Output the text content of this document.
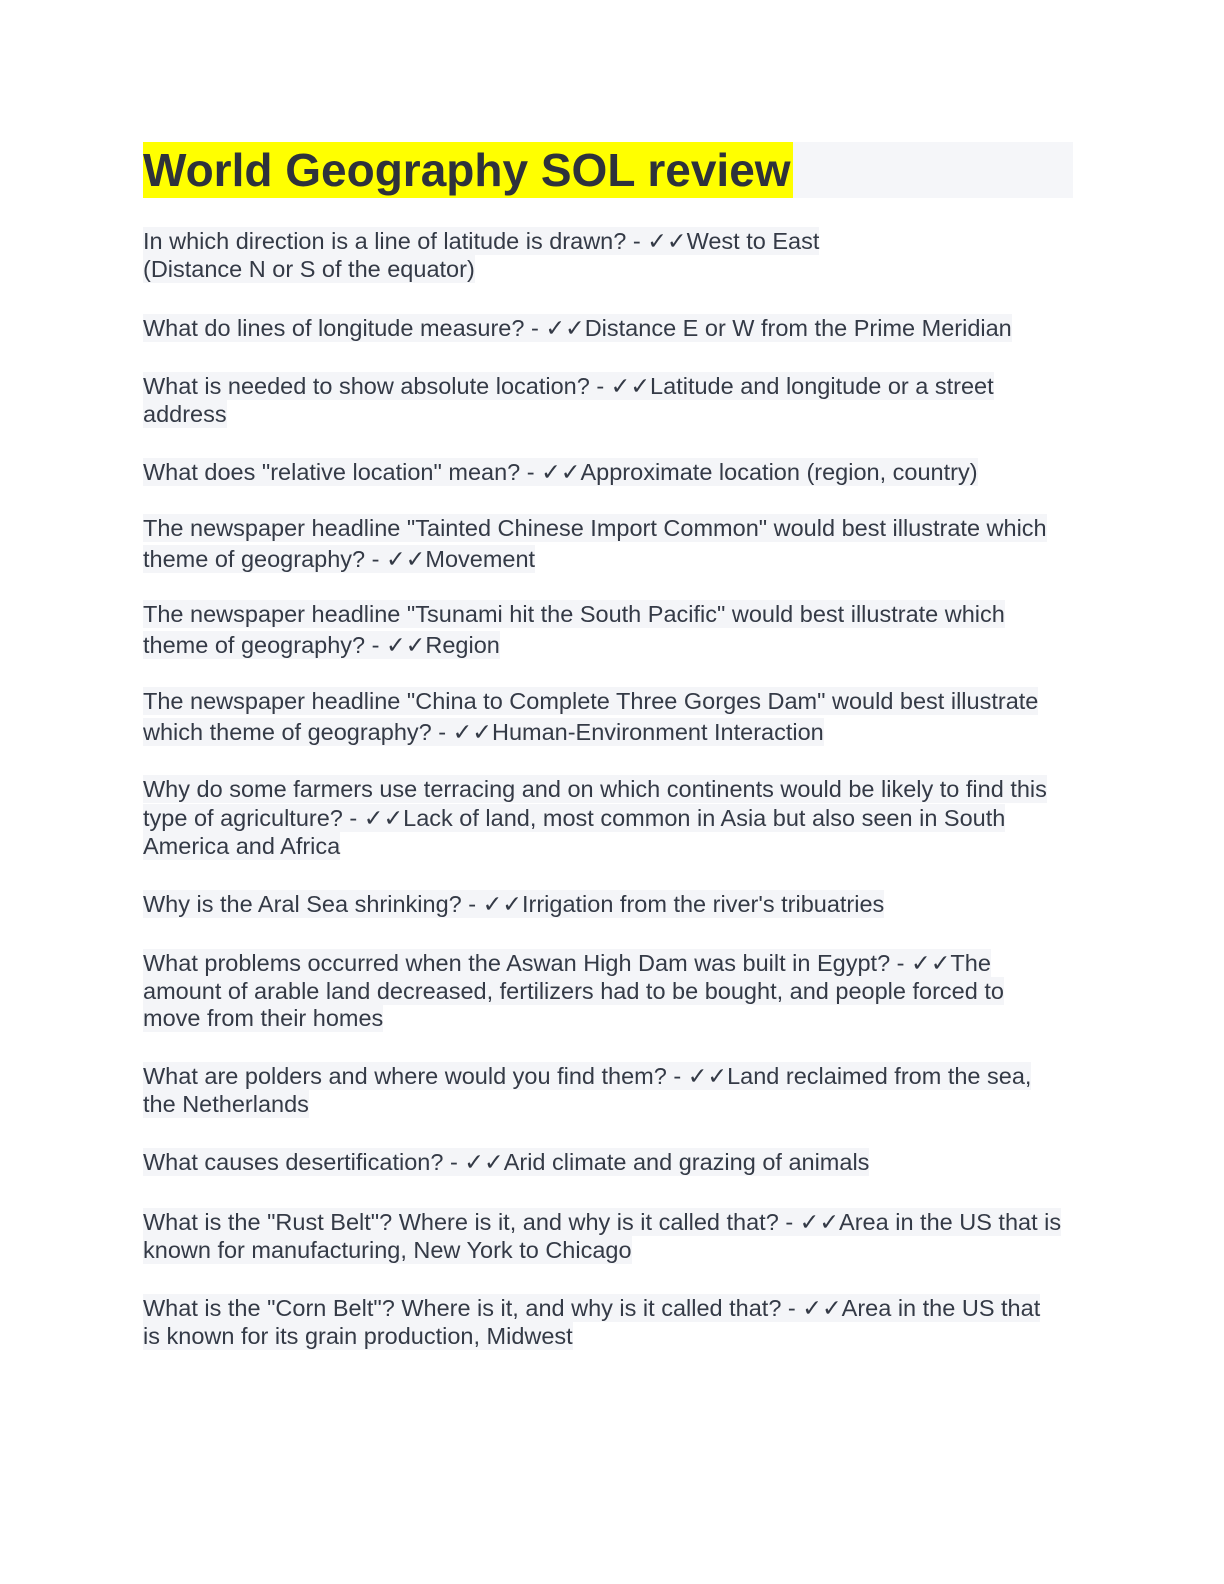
World Geography SOL review

In which direction is a line of latitude is drawn? - ✓✓West to East
(Distance N or S of the equator)

What do lines of longitude measure? - ✓✓Distance E or W from the Prime Meridian

What is needed to show absolute location? - ✓✓Latitude and longitude or a street
address

What does "relative location" mean? - ✓✓Approximate location (region, country)

The newspaper headline "Tainted Chinese Import Common" would best illustrate which
theme of geography? - ✓✓Movement

The newspaper headline "Tsunami hit the South Pacific" would best illustrate which
theme of geography? - ✓✓Region

The newspaper headline "China to Complete Three Gorges Dam" would best illustrate
which theme of geography? - ✓✓Human-Environment Interaction

Why do some farmers use terracing and on which continents would be likely to find this
type of agriculture? - ✓✓Lack of land, most common in Asia but also seen in South
America and Africa

Why is the Aral Sea shrinking? - ✓✓Irrigation from the river's tribuatries

What problems occurred when the Aswan High Dam was built in Egypt? - ✓✓The
amount of arable land decreased, fertilizers had to be bought, and people forced to
move from their homes

What are polders and where would you find them? - ✓✓Land reclaimed from the sea,
the Netherlands

What causes desertification? - ✓✓Arid climate and grazing of animals

What is the "Rust Belt"? Where is it, and why is it called that? - ✓✓Area in the US that is
known for manufacturing, New York to Chicago

What is the "Corn Belt"? Where is it, and why is it called that? - ✓✓Area in the US that
is known for its grain production, Midwest
